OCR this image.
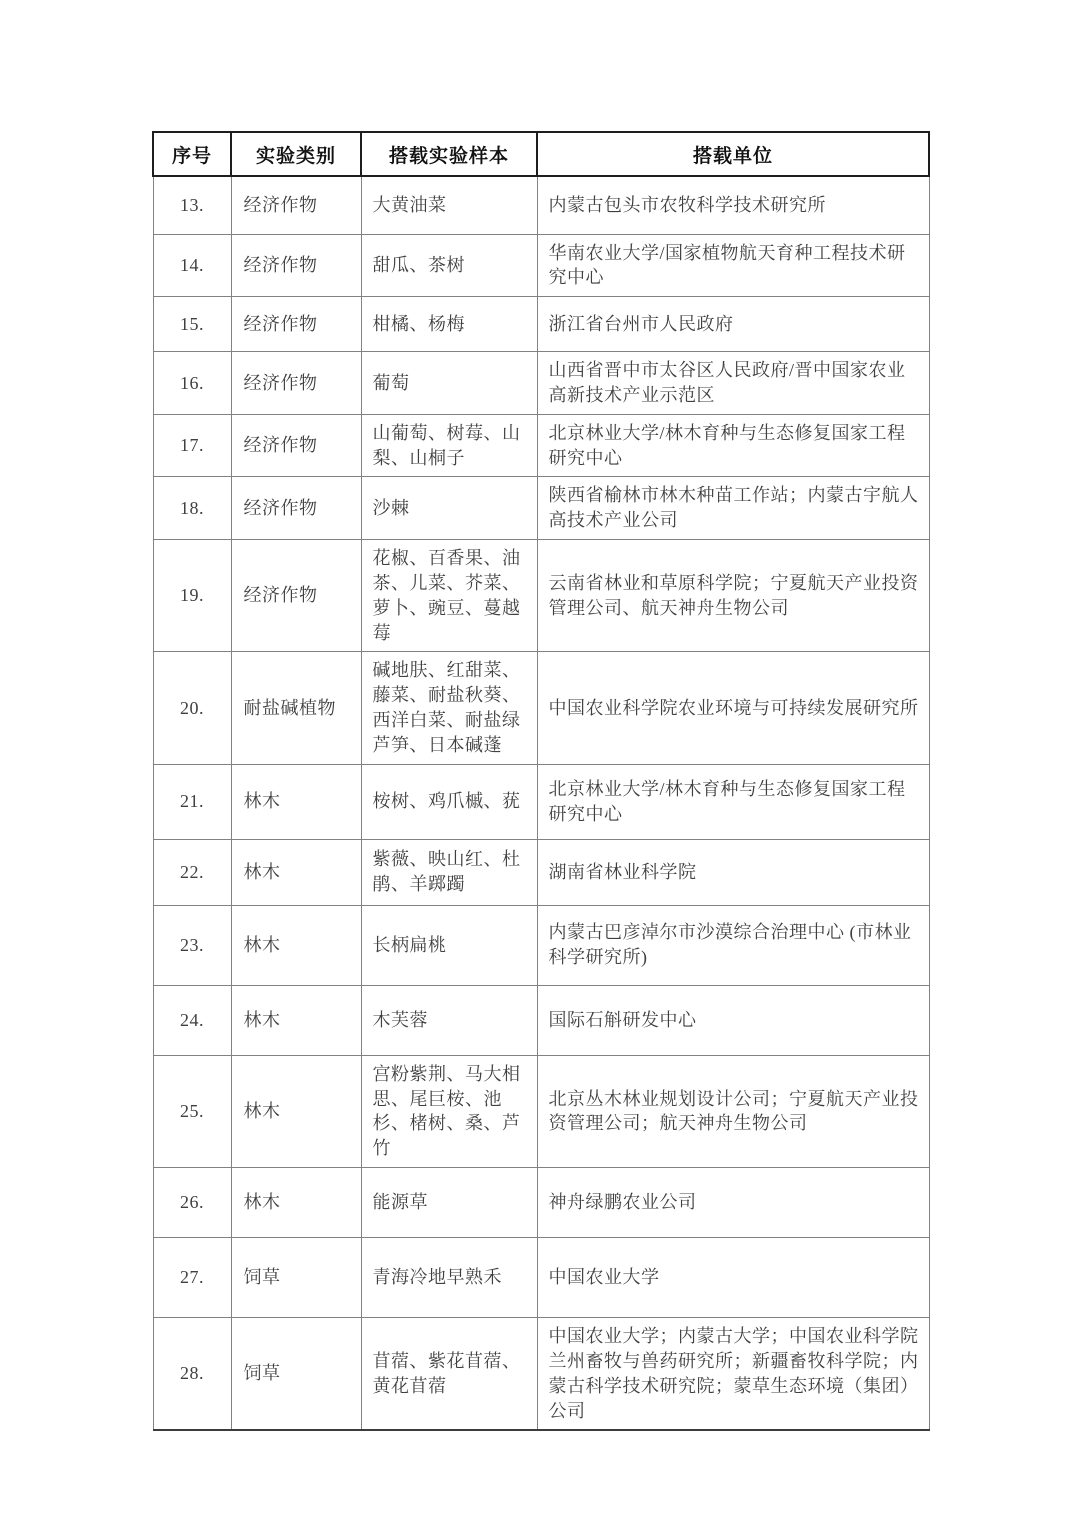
序号	实验类别	搭载实验样本	搭载单位
13.	经济作物	大黄油菜	内蒙古包头市农牧科学技术研究所
14.	经济作物	甜瓜、茶树	华南农业大学/国家植物航天育种工程技术研究中心
15.	经济作物	柑橘、杨梅	浙江省台州市人民政府
16.	经济作物	葡萄	山西省晋中市太谷区人民政府/晋中国家农业高新技术产业示范区
17.	经济作物	山葡萄、树莓、山梨、山桐子	北京林业大学/林木育种与生态修复国家工程研究中心
18.	经济作物	沙棘	陕西省榆林市林木种苗工作站；内蒙古宇航人高技术产业公司
19.	经济作物	花椒、百香果、油茶、儿菜、芥菜、萝卜、豌豆、蔓越莓	云南省林业和草原科学院；宁夏航天产业投资管理公司、航天神舟生物公司
20.	耐盐碱植物	碱地肤、红甜菜、藤菜、耐盐秋葵、西洋白菜、耐盐绿芦笋、日本碱蓬	中国农业科学院农业环境与可持续发展研究所
21.	林木	桉树、鸡爪槭、莸	北京林业大学/林木育种与生态修复国家工程研究中心
22.	林木	紫薇、映山红、杜鹃、羊踯躅	湖南省林业科学院
23.	林木	长柄扁桃	内蒙古巴彦淖尔市沙漠综合治理中心 (市林业科学研究所)
24.	林木	木芙蓉	国际石斛研发中心
25.	林木	宫粉紫荆、马大相思、尾巨桉、池杉、楮树、桑、芦竹	北京丛木林业规划设计公司；宁夏航天产业投资管理公司；航天神舟生物公司
26.	林木	能源草	神舟绿鹏农业公司
27.	饲草	青海冷地早熟禾	中国农业大学
28.	饲草	苜蓿、紫花苜蓿、黄花苜蓿	中国农业大学；内蒙古大学；中国农业科学院兰州畜牧与兽药研究所；新疆畜牧科学院；内蒙古科学技术研究院；蒙草生态环境（集团）公司
